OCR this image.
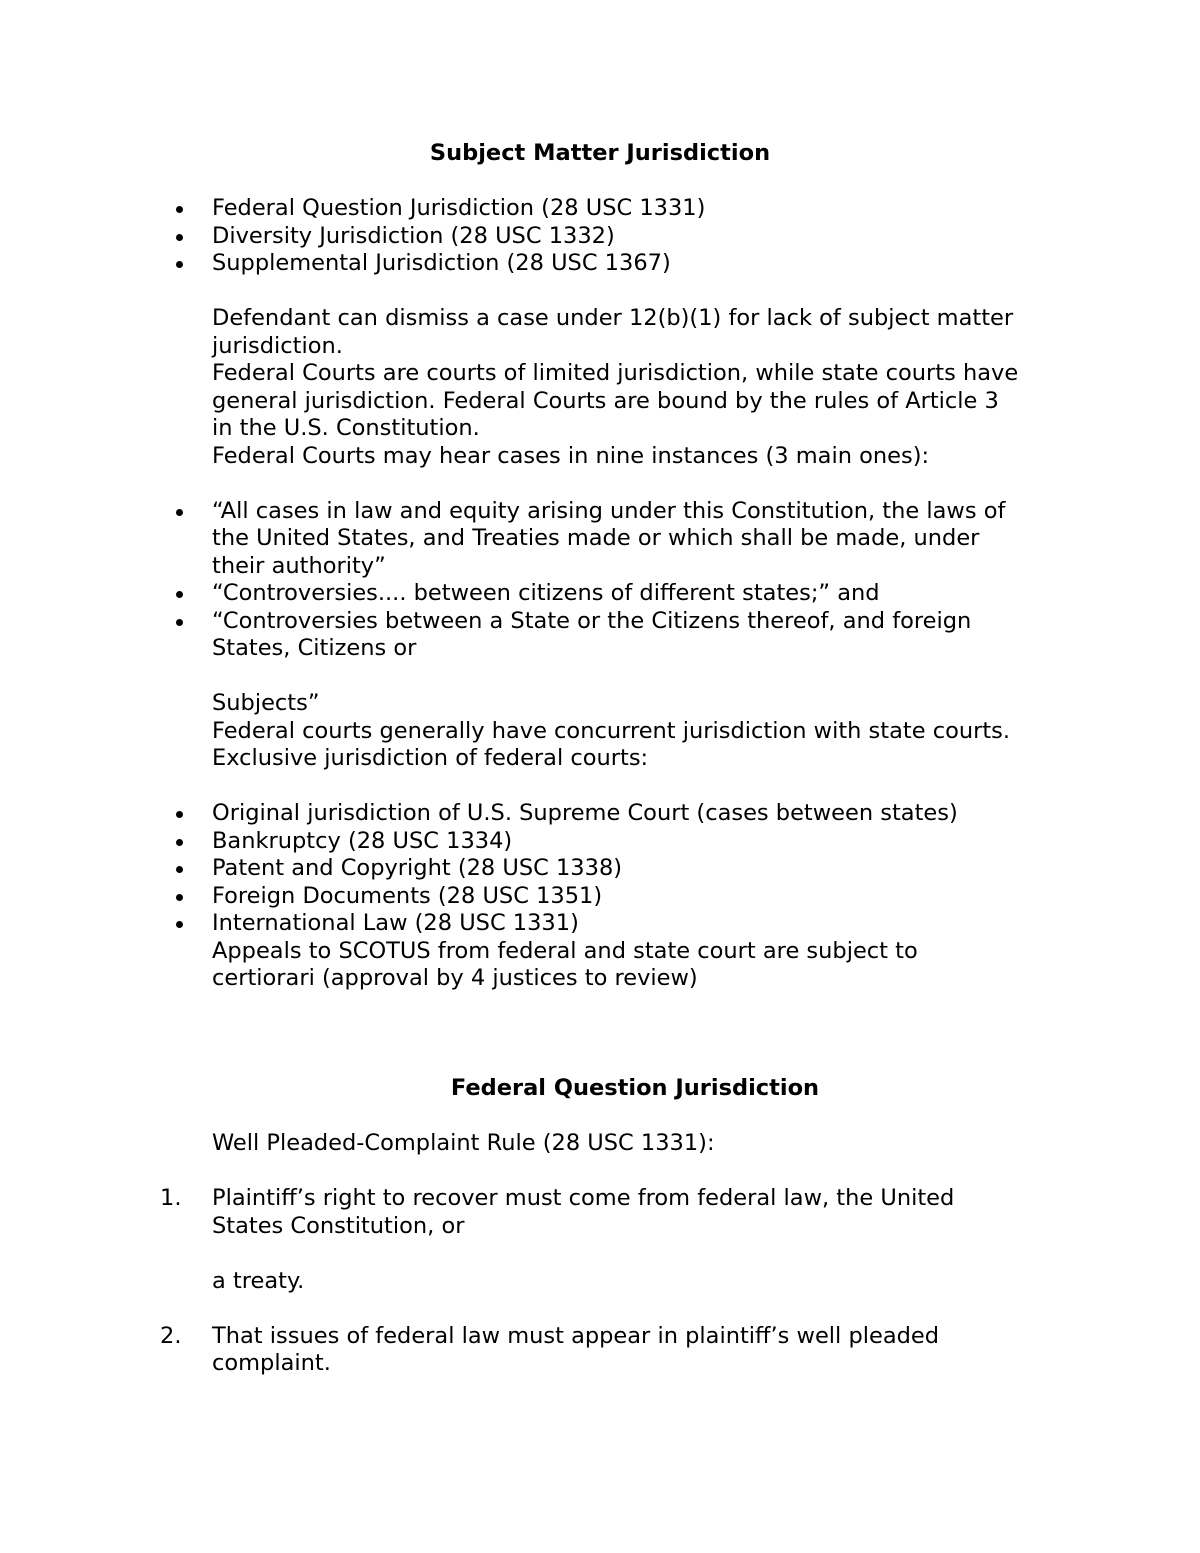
Subject Matter Jurisdiction
Federal Question Jurisdiction (28 USC 1331)
Diversity Jurisdiction (28 USC 1332)
Supplemental Jurisdiction (28 USC 1367)
Defendant can dismiss a case under 12(b)(1) for lack of subject matter
jurisdiction.
Federal Courts are courts of limited jurisdiction, while state courts have
general jurisdiction. Federal Courts are bound by the rules of Article 3
in the U.S. Constitution.
Federal Courts may hear cases in nine instances (3 main ones):
“All cases in law and equity arising under this Constitution, the laws of
the United States, and Treaties made or which shall be made, under
their authority”
“Controversies.... between citizens of different states;” and
“Controversies between a State or the Citizens thereof, and foreign
States, Citizens or
Subjects”
Federal courts generally have concurrent jurisdiction with state courts.
Exclusive jurisdiction of federal courts:
Original jurisdiction of U.S. Supreme Court (cases between states)
Bankruptcy (28 USC 1334)
Patent and Copyright (28 USC 1338)
Foreign Documents (28 USC 1351)
International Law (28 USC 1331)
Appeals to SCOTUS from federal and state court are subject to
certiorari (approval by 4 justices to review)
Federal Question Jurisdiction
Well Pleaded-Complaint Rule (28 USC 1331):
1. Plaintiff’s right to recover must come from federal law, the United
States Constitution, or
a treaty.
2. That issues of federal law must appear in plaintiff’s well pleaded
complaint.
